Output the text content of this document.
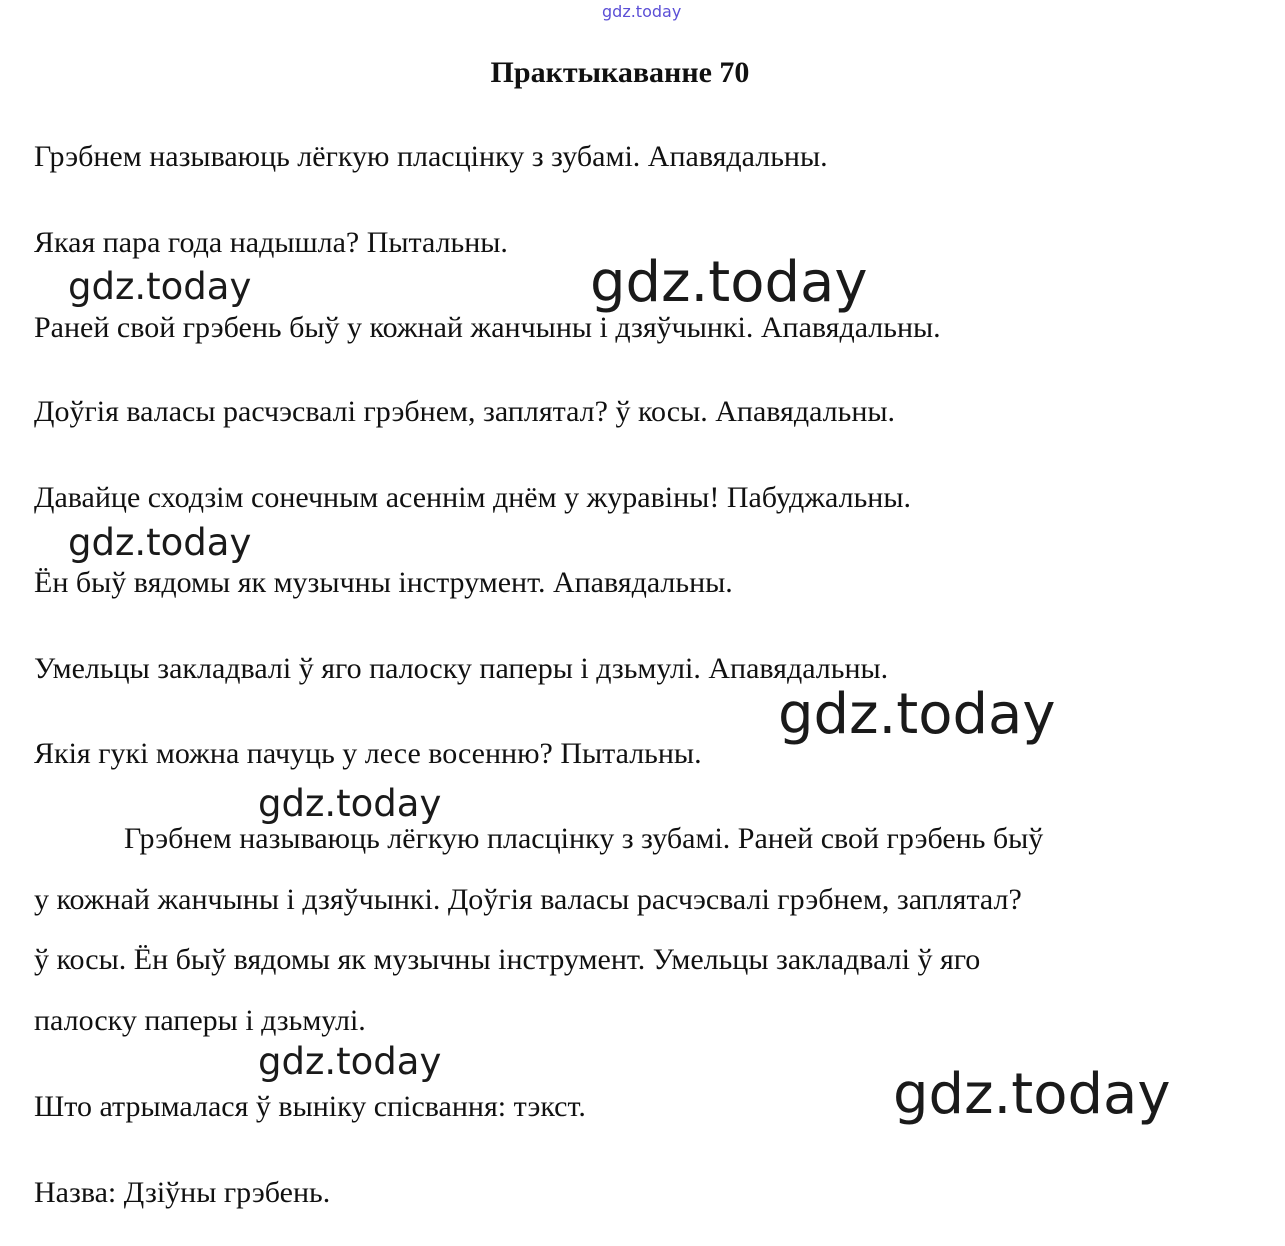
gdz.today
Практыкаванне 70
Грэбнем называюць лёгкую пласцінку з зубамі. Апавядальны.
Якая пара года надышла? Пытальны.
Раней свой грэбень быў у кожнай жанчыны і дзяўчынкі. Апавядальны.
Доўгія валасы расчэсвалі грэбнем, заплятал? ў косы. Апавядальны.
Давайце сходзім сонечным асеннім днём у журавіны! Пабуджальны.
Ён быў вядомы як музычны інструмент. Апавядальны.
Умельцы закладвалі ў яго палоску паперы і дзьмулі. Апавядальны.
Якія гукі можна пачуць у лесе восенню? Пытальны.
Грэбнем называюць лёгкую пласцінку з зубамі. Раней свой грэбень быў
у кожнай жанчыны і дзяўчынкі. Доўгія валасы расчэсвалі грэбнем, заплятал?
ў косы. Ён быў вядомы як музычны інструмент. Умельцы закладвалі ў яго
палоску паперы і дзьмулі.
Што атрымалася ў выніку спісвання: тэкст.
Назва: Дзіўны грэбень.
gdz.today	gdz.today
gdz.today
gdz.today
gdz.today
gdz.today
gdz.today
